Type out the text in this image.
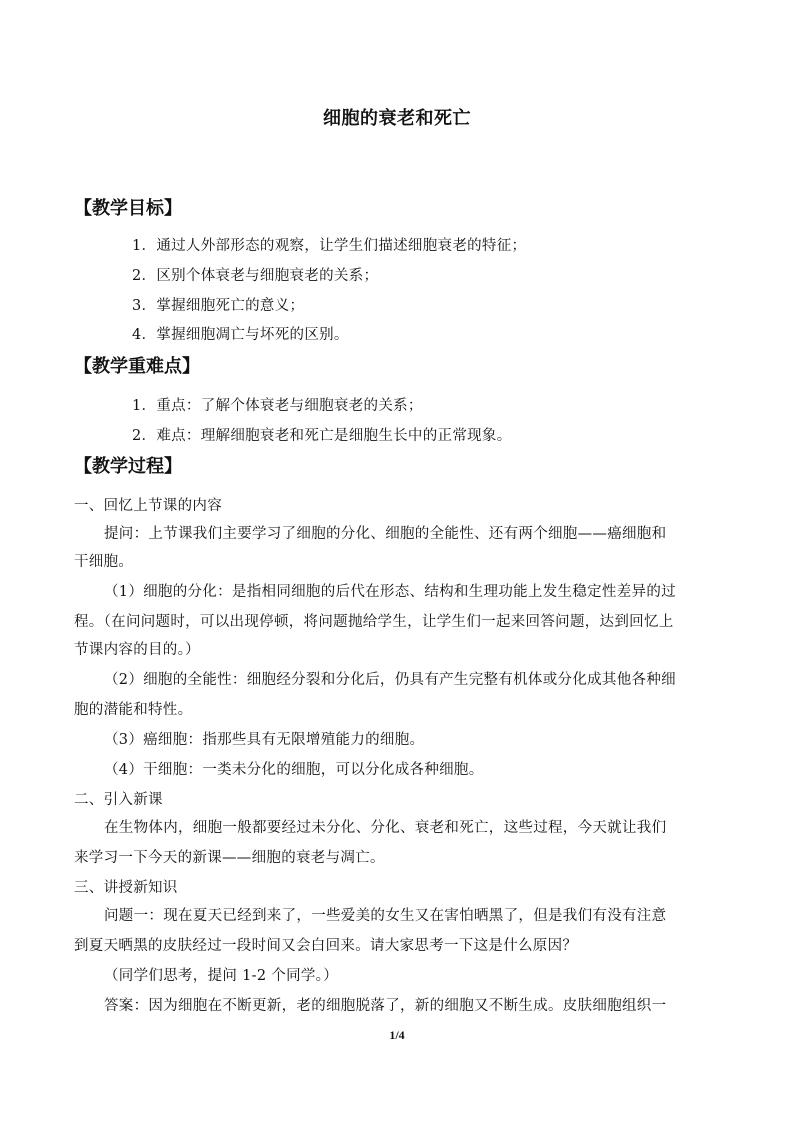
细胞的衰老和死亡
【教学目标】
1．通过人外部形态的观察，让学生们描述细胞衰老的特征；
2．区别个体衰老与细胞衰老的关系；
3．掌握细胞死亡的意义；
4．掌握细胞凋亡与坏死的区别。
【教学重难点】
1．重点：了解个体衰老与细胞衰老的关系；
2．难点：理解细胞衰老和死亡是细胞生长中的正常现象。
【教学过程】
一、回忆上节课的内容
提问：上节课我们主要学习了细胞的分化、细胞的全能性、还有两个细胞——癌细胞和
干细胞。
（1）细胞的分化：是指相同细胞的后代在形态、结构和生理功能上发生稳定性差异的过
程。（在问问题时，可以出现停顿，将问题抛给学生，让学生们一起来回答问题，达到回忆上
节课内容的目的。）
（2）细胞的全能性：细胞经分裂和分化后，仍具有产生完整有机体或分化成其他各种细
胞的潜能和特性。
（3）癌细胞：指那些具有无限增殖能力的细胞。
（4）干细胞：一类未分化的细胞，可以分化成各种细胞。
二、引入新课
在生物体内，细胞一般都要经过未分化、分化、衰老和死亡，这些过程，今天就让我们
来学习一下今天的新课——细胞的衰老与凋亡。
三、讲授新知识
问题一：现在夏天已经到来了，一些爱美的女生又在害怕晒黑了，但是我们有没有注意
到夏天晒黑的皮肤经过一段时间又会白回来。请大家思考一下这是什么原因？
（同学们思考，提问 1-2 个同学。）
答案：因为细胞在不断更新，老的细胞脱落了，新的细胞又不断生成。皮肤细胞组织一
1/4
